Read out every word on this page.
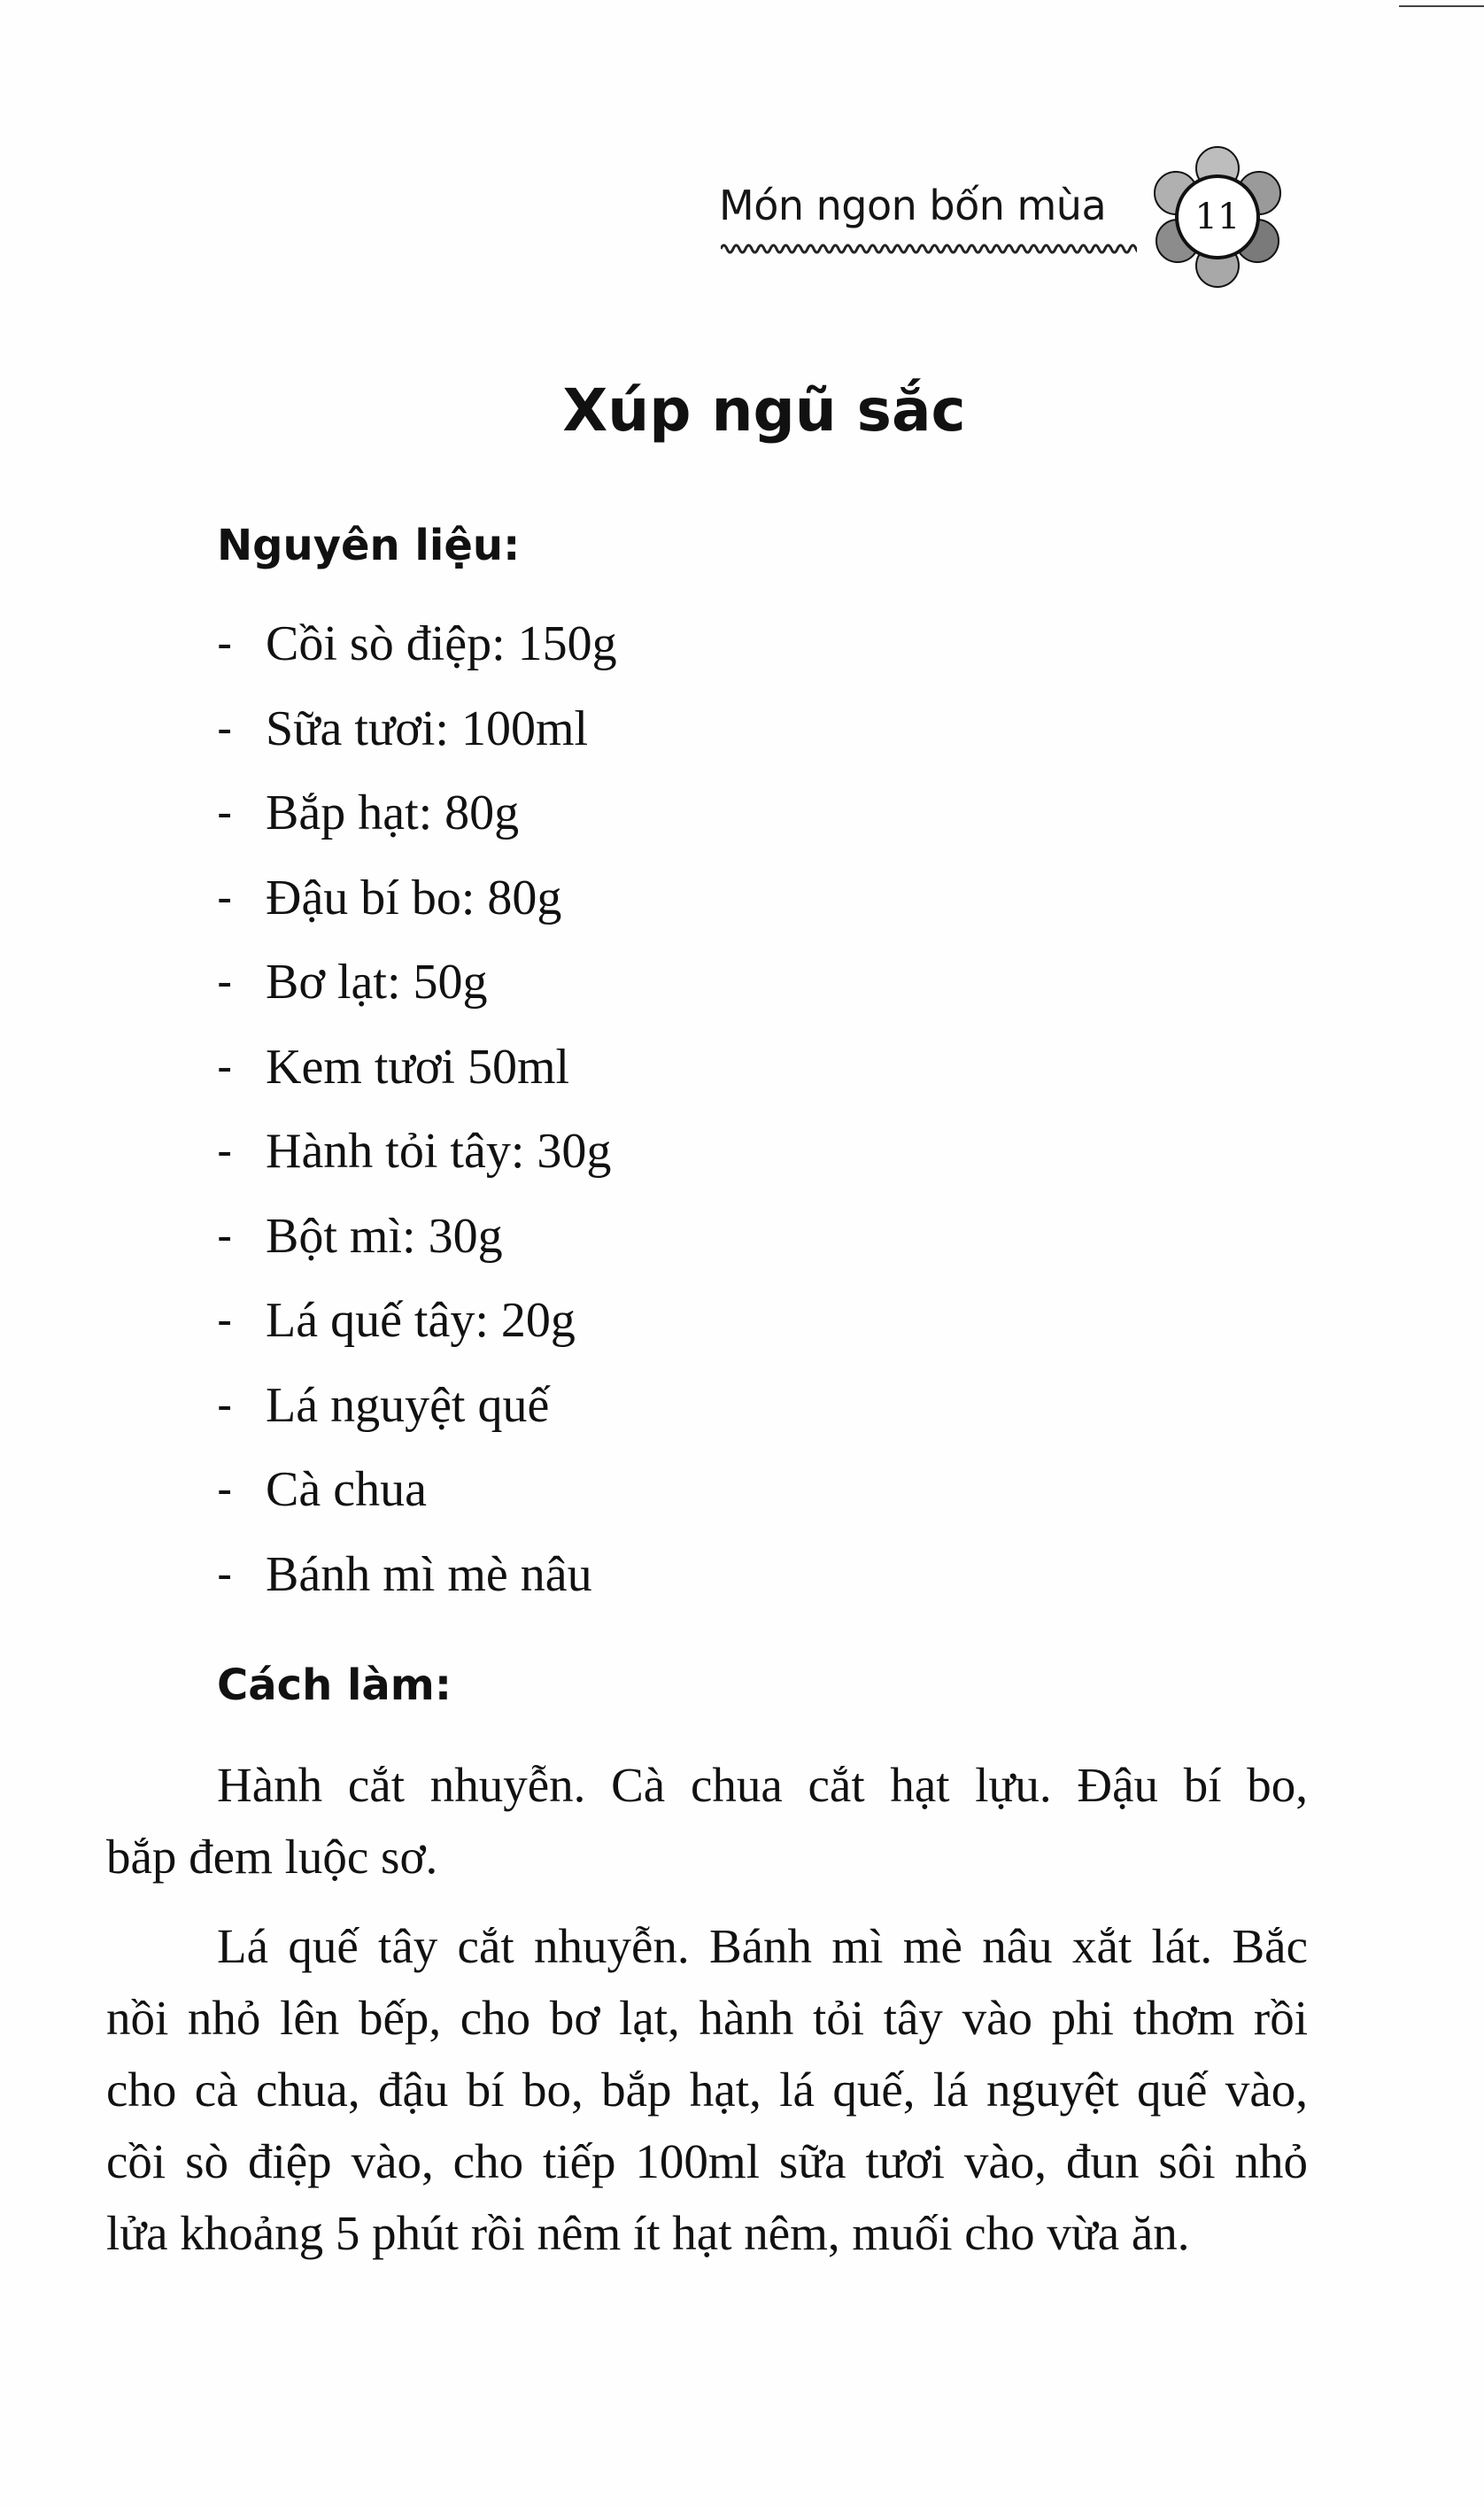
Món ngon bốn mùa	11
Xúp ngũ sắc
Nguyên liệu:
- Cồi sò điệp: 150g
- Sữa tươi: 100ml
- Bắp hạt: 80g
- Đậu bí bo: 80g
- Bơ lạt: 50g
- Kem tươi 50ml
- Hành tỏi tây: 30g
- Bột mì: 30g
- Lá quế tây: 20g
- Lá nguyệt quế
- Cà chua
- Bánh mì mè nâu
Cách làm:

Hành cắt nhuyễn. Cà chua cắt hạt lựu. Đậu bí bo,
bắp đem luộc sơ.

Lá quế tây cắt nhuyễn. Bánh mì mè nâu xắt lát. Bắc
nồi nhỏ lên bếp, cho bơ lạt, hành tỏi tây vào phi thơm rồi
cho cà chua, đậu bí bo, bắp hạt, lá quế, lá nguyệt quế vào,
cồi sò điệp vào, cho tiếp 100ml sữa tươi vào, đun sôi nhỏ
lửa khoảng 5 phút rồi nêm ít hạt nêm, muối cho vừa ăn.
